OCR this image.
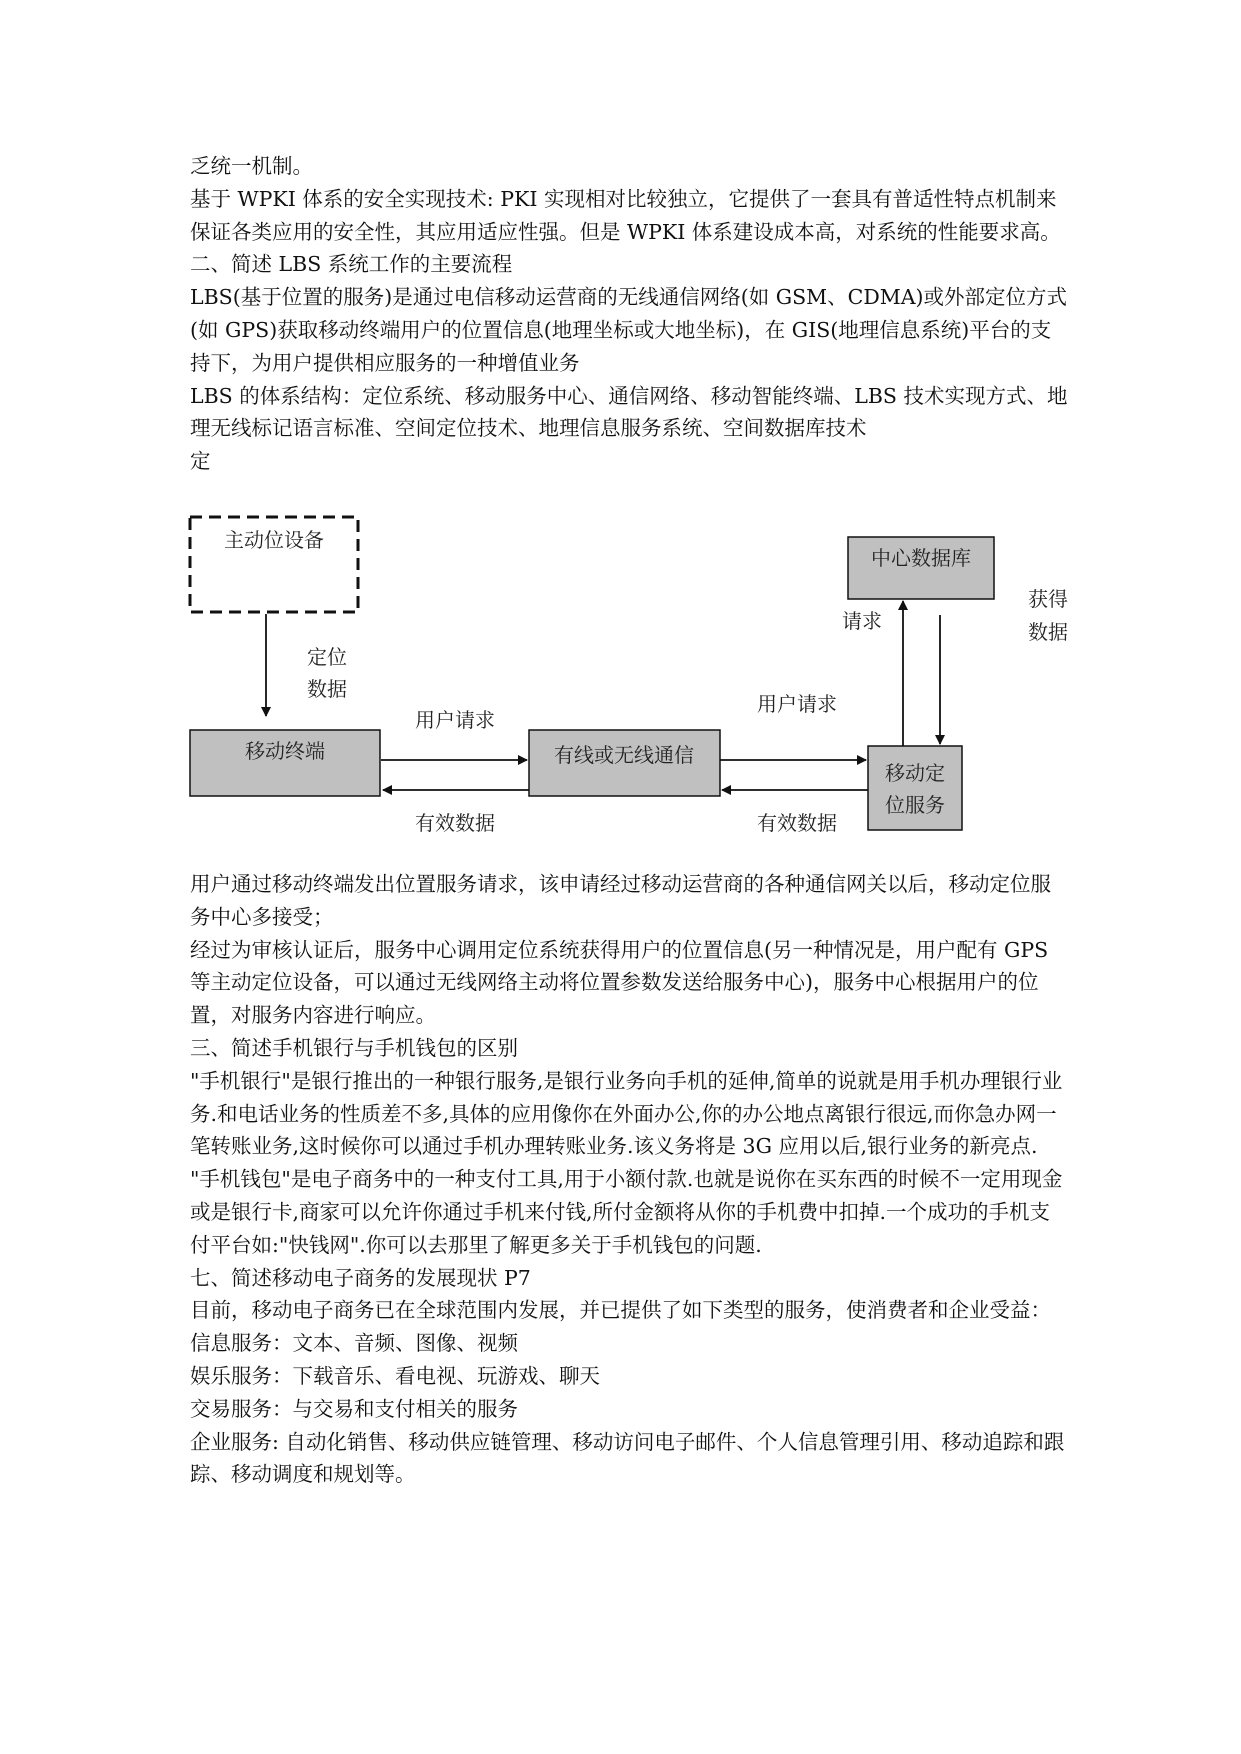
乏统一机制。

基于 WPKI 体系的安全实现技术: PKI 实现相对比较独立，它提供了一套具有普适性特点机制来保证各类应用的安全性，其应用适应性强。但是 WPKI 体系建设成本高，对系统的性能要求高。

二、简述 LBS 系统工作的主要流程

LBS(基于位置的服务)是通过电信移动运营商的无线通信网络(如 GSM、CDMA)或外部定位方式(如 GPS)获取移动终端用户的位置信息(地理坐标或大地坐标)，在 GIS(地理信息系统)平台的支持下，为用户提供相应服务的一种增值业务

LBS 的体系结构：定位系统、移动服务中心、通信网络、移动智能终端、LBS 技术实现方式、地理无线标记语言标准、空间定位技术、地理信息服务系统、空间数据库技术

定

主动位设备
中心数据库
移动终端	有线或无线通信
移动定
位服务
定位
数据
用户请求
有效数据
用户请求
有效数据
请求
获得
数据

用户通过移动终端发出位置服务请求，该申请经过移动运营商的各种通信网关以后，移动定位服务中心多接受；

经过为审核认证后，服务中心调用定位系统获得用户的位置信息(另一种情况是，用户配有 GPS 等主动定位设备，可以通过无线网络主动将位置参数发送给服务中心)，服务中心根据用户的位置，对服务内容进行响应。

三、简述手机银行与手机钱包的区别

"手机银行"是银行推出的一种银行服务,是银行业务向手机的延伸,简单的说就是用手机办理银行业务.和电话业务的性质差不多,具体的应用像你在外面办公,你的办公地点离银行很远,而你急办网一笔转账业务,这时候你可以通过手机办理转账业务.该义务将是 3G 应用以后,银行业务的新亮点.

"手机钱包"是电子商务中的一种支付工具,用于小额付款.也就是说你在买东西的时候不一定用现金或是银行卡,商家可以允许你通过手机来付钱,所付金额将从你的手机费中扣掉.一个成功的手机支付平台如:"快钱网".你可以去那里了解更多关于手机钱包的问题.

七、简述移动电子商务的发展现状 P7

目前，移动电子商务已在全球范围内发展，并已提供了如下类型的服务，使消费者和企业受益：

信息服务：文本、音频、图像、视频

娱乐服务：下载音乐、看电视、玩游戏、聊天

交易服务：与交易和支付相关的服务

企业服务: 自动化销售、移动供应链管理、移动访问电子邮件、个人信息管理引用、移动追踪和跟踪、移动调度和规划等。
